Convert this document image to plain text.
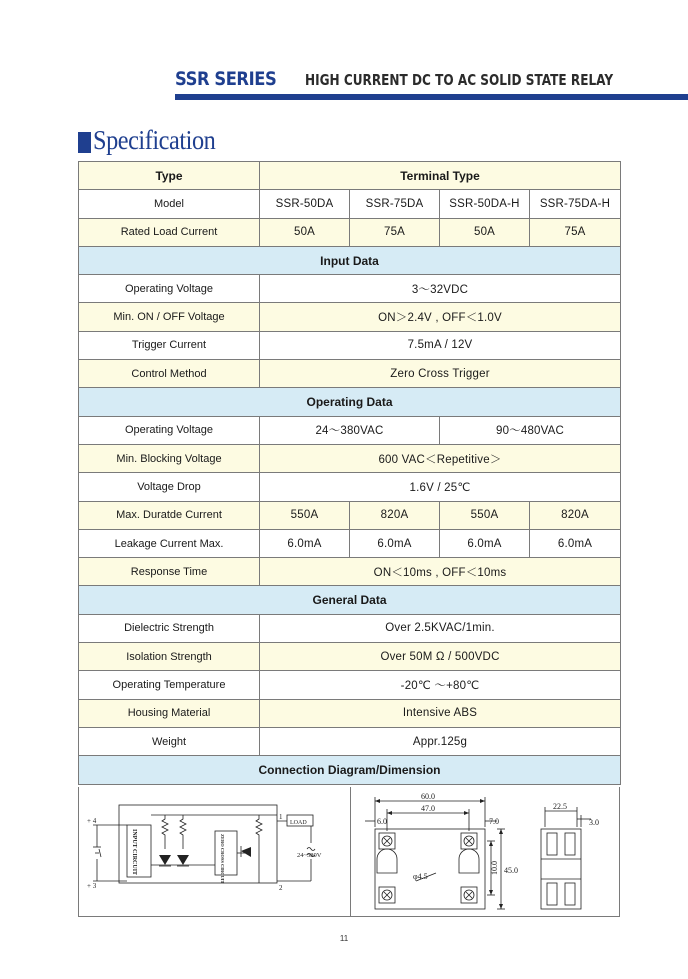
SSR SERIES HIGH CURRENT DC TO AC SOLID STATE RELAY
Specification
Type	Terminal Type			
Model	SSR-50DA	SSR-75DA	SSR-50DA-H	SSR-75DA-H
Rated Load Current	50A	75A	50A	75A
Input Data				
Operating Voltage	3～32VDC			
Min. ON / OFF Voltage	ON＞2.4V , OFF＜1.0V			
Trigger Current	7.5mA / 12V			
Control Method	Zero Cross Trigger			
Operating Data				
Operating Voltage	24～380VAC		90～480VAC	
Min. Blocking Voltage	600 VAC＜Repetitive＞			
Voltage Drop	1.6V / 25℃			
Max. Duratde Current	550A	820A	550A	820A
Leakage Current Max.	6.0mA	6.0mA	6.0mA	6.0mA
Response Time	ON＜10ms , OFF＜10ms			
General Data				
Dielectric Strength	Over 2.5KVAC/1min.			
Isolation Strength	Over 50M Ω / 500VDC			
Operating Temperature	-20℃ ～+80℃			
Housing Material	Intensive ABS			
Weight	Appr.125g			
Connection Diagram/Dimension				
+ 4
+ 3
1
2
LOAD
24~380V
INPUT CIRCUIT	ZERO CROSS CIRCUIT
60.0
47.0
6.0	7.0
10.0 45.0
φ4.5
22.5
3.0
11
